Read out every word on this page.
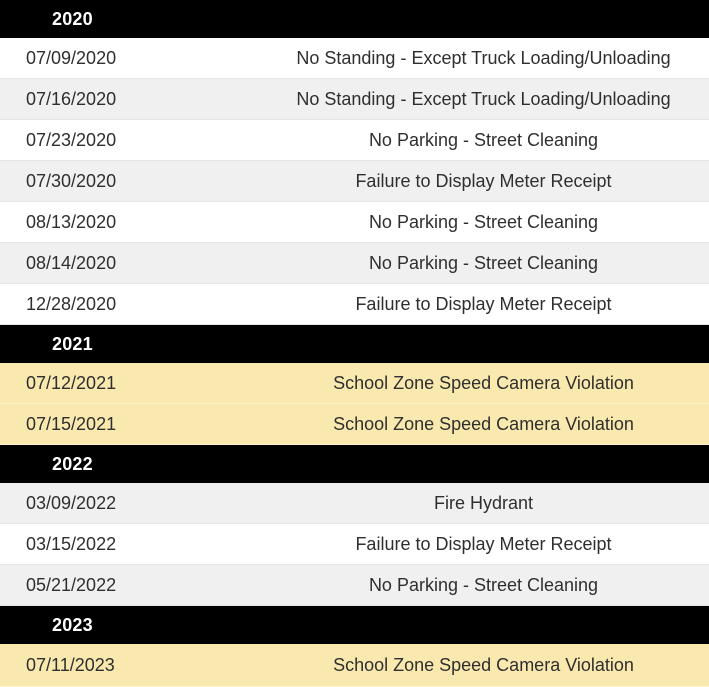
2020
07/09/2020	No Standing - Except Truck Loading/Unloading
07/16/2020	No Standing - Except Truck Loading/Unloading
07/23/2020	No Parking - Street Cleaning
07/30/2020	Failure to Display Meter Receipt
08/13/2020	No Parking - Street Cleaning
08/14/2020	No Parking - Street Cleaning
12/28/2020	Failure to Display Meter Receipt
2021
07/12/2021	School Zone Speed Camera Violation
07/15/2021	School Zone Speed Camera Violation
2022
03/09/2022	Fire Hydrant
03/15/2022	Failure to Display Meter Receipt
05/21/2022	No Parking - Street Cleaning
2023
07/11/2023	School Zone Speed Camera Violation
